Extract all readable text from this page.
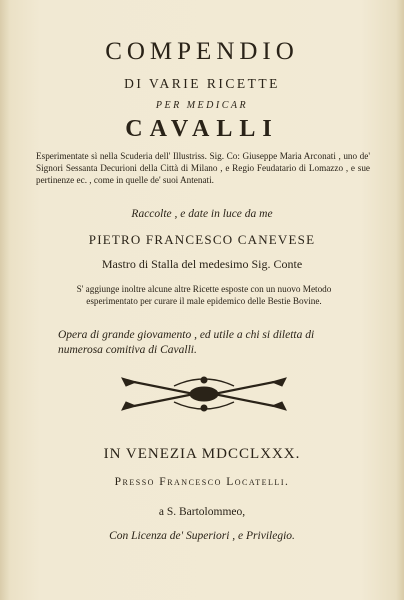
COMPENDIO
DI VARIE RICETTE
PER MEDICAR
CAVALLI
Esperimentate sì nella Scuderia dell' Illustriss. Sig. Co: Giuseppe Maria Arconati , uno de' Signori Sessanta Decurioni della Città di Milano , e Regio Feudatario di Lomazzo , e sue pertinenze ec. , come in quelle de' suoi Antenati.
Raccolte , e date in luce da me
PIETRO FRANCESCO CANEVESE
Mastro di Stalla del medesimo Sig. Conte
S' aggiunge inoltre alcune altre Ricette esposte con un nuovo Metodo esperimentato per curare il male epidemico delle Bestie Bovine.
Opera di grande giovamento , ed utile a chi si diletta di numerosa comitiva di Cavalli.
IN VENEZIA MDCCLXXX.
Presso Francesco Locatelli.
a S. Bartolommeo,
Con Licenza de' Superiori , e Privilegio.
